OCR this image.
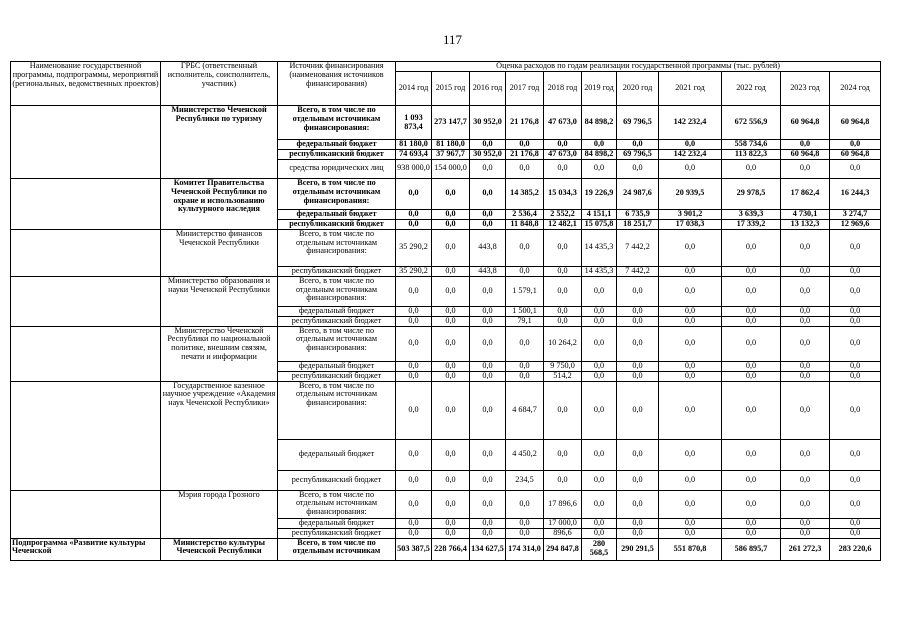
117
Наименование государственной программы, подпрограммы, мероприятий (региональных, ведомственных проектов)	ГРБС (ответственный исполнитель, соисполнитель, участник)	Источник финансирования (наименования источников финансирования)	Оценка расходов по годам реализации государственной программы (тыс. рублей)										
			2014 год	2015 год	2016 год	2017 год	2018 год	2019 год	2020 год	2021 год	2022 год	2023 год	2024 год
	Министерство Чеченской Республики по туризму	Всего, в том числе по отдельным источникам финансирования:	1 093 873,4	273 147,7	30 952,0	21 176,8	47 673,0	84 898,2	69 796,5	142 232,4	672 556,9	60 964,8	60 964,8
		федеральный бюджет	81 180,0	81 180,0	0,0	0,0	0,0	0,0	0,0	0,0	558 734,6	0,0	0,0
		республиканский бюджет	74 693,4	37 967,7	30 952,0	21 176,8	47 673,0	84 898,2	69 796,5	142 232,4	113 822,3	60 964,8	60 964,8
		средства юридических лиц	938 000,0	154 000,0	0,0	0,0	0,0	0,0	0,0	0,0	0,0	0,0	0,0
	Комитет Правительства Чеченской Республики по охране и использованию культурного наследия	Всего, в том числе по отдельным источникам финансирования:	0,0	0,0	0,0	14 385,2	15 034,3	19 226,9	24 987,6	20 939,5	29 978,5	17 862,4	16 244,3
		федеральный бюджет	0,0	0,0	0,0	2 536,4	2 552,2	4 151,1	6 735,9	3 901,2	3 639,3	4 730,1	3 274,7
		республиканский бюджет	0,0	0,0	0,0	11 848,8	12 482,1	15 075,8	18 251,7	17 038,3	17 339,2	13 132,3	12 969,6
	Министерство финансов Чеченской Республики	Всего, в том числе по отдельным источникам финансирования:	35 290,2	0,0	443,8	0,0	0,0	14 435,3	7 442,2	0,0	0,0	0,0	0,0
		республиканский бюджет	35 290,2	0,0	443,8	0,0	0,0	14 435,3	7 442,2	0,0	0,0	0,0	0,0
	Министерство образования и науки Чеченской Республики	Всего, в том числе по отдельным источникам финансирования:	0,0	0,0	0,0	1 579,1	0,0	0,0	0,0	0,0	0,0	0,0	0,0
		федеральный бюджет	0,0	0,0	0,0	1 500,1	0,0	0,0	0,0	0,0	0,0	0,0	0,0
		республиканский бюджет	0,0	0,0	0,0	79,1	0,0	0,0	0,0	0,0	0,0	0,0	0,0
	Министерство Чеченской Республики по национальной политике, внешним связям, печати и информации	Всего, в том числе по отдельным источникам финансирования:	0,0	0,0	0,0	0,0	10 264,2	0,0	0,0	0,0	0,0	0,0	0,0
		федеральный бюджет	0,0	0,0	0,0	0,0	9 750,0	0,0	0,0	0,0	0,0	0,0	0,0
		республиканский бюджет	0,0	0,0	0,0	0,0	514,2	0,0	0,0	0,0	0,0	0,0	0,0
	Государственное казенное научное учреждение «Академия наук Чеченской Республики»	Всего, в том числе по отдельным источникам финансирования:	0,0	0,0	0,0	4 684,7	0,0	0,0	0,0	0,0	0,0	0,0	0,0
		федеральный бюджет	0,0	0,0	0,0	4 450,2	0,0	0,0	0,0	0,0	0,0	0,0	0,0
		республиканский бюджет	0,0	0,0	0,0	234,5	0,0	0,0	0,0	0,0	0,0	0,0	0,0
	Мэрия города Грозного	Всего, в том числе по отдельным источникам финансирования:	0,0	0,0	0,0	0,0	17 896,6	0,0	0,0	0,0	0,0	0,0	0,0
		федеральный бюджет	0,0	0,0	0,0	0,0	17 000,0	0,0	0,0	0,0	0,0	0,0	0,0
		республиканский бюджет	0,0	0,0	0,0	0,0	896,6	0,0	0,0	0,0	0,0	0,0	0,0
Подпрограмма «Развитие культуры Чеченской	Министерство культуры Чеченской Республики	Всего, в том числе по отдельным источникам	503 387,5	228 766,4	134 627,5	174 314,0	294 847,8	280 568,5	290 291,5	551 870,8	586 895,7	261 272,3	283 220,6
